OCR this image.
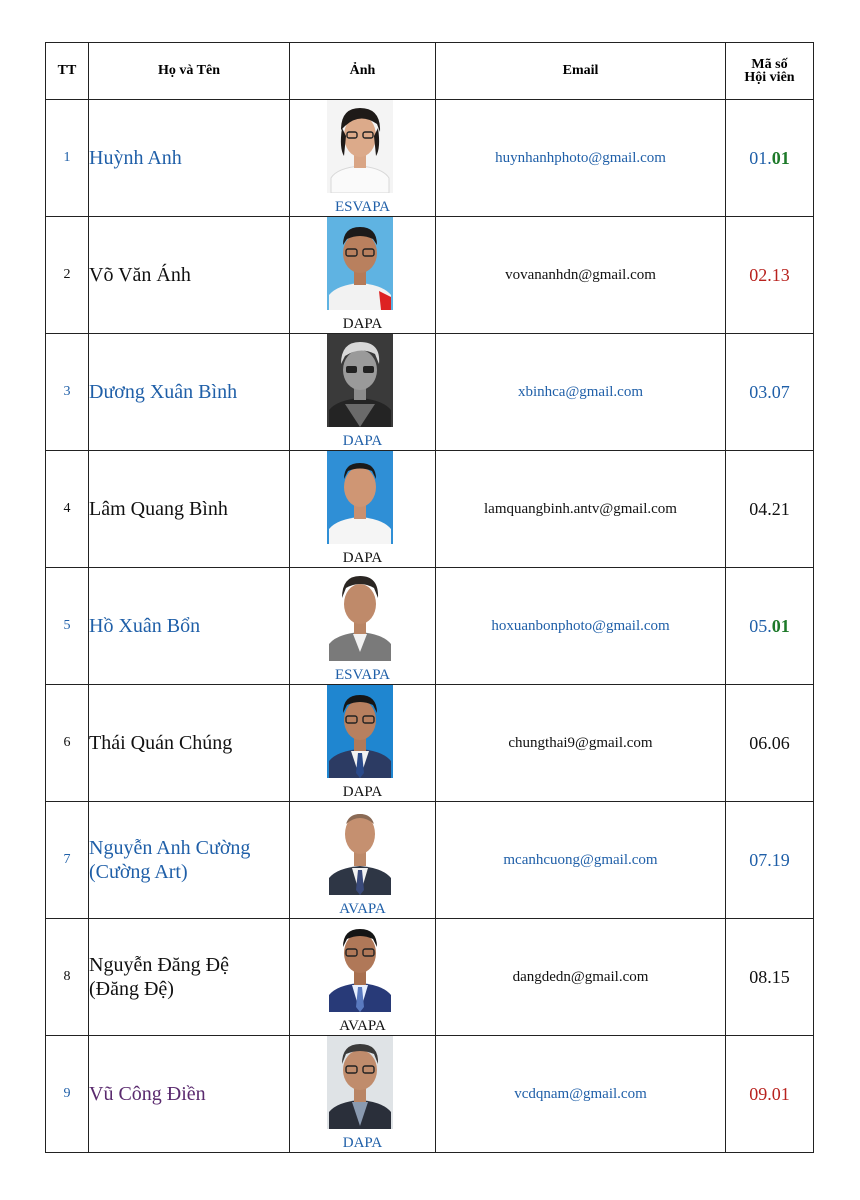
TT	Họ và Tên	Ảnh	Email	Mã số
Hội viên

1	Huỳnh Anh	ESVAPA	huynhanhphoto@gmail.com	01.01
2	Võ Văn Ánh	DAPA	vovananhdn@gmail.com	02.13
3	Dương Xuân Bình	DAPA	xbinhca@gmail.com	03.07
4	Lâm Quang Bình	DAPA	lamquangbinh.antv@gmail.com	04.21
5	Hồ Xuân Bổn	ESVAPA	hoxuanbonphoto@gmail.com	05.01
6	Thái Quán Chúng	DAPA	chungthai9@gmail.com	06.06
7	Nguyễn Anh Cường
(Cường Art)	AVAPA	mcanhcuong@gmail.com	07.19
8	Nguyễn Đăng Đệ
(Đăng Đệ)	AVAPA	dangdedn@gmail.com	08.15
9	Vũ Công Điền	DAPA	vcdqnam@gmail.com	09.01
